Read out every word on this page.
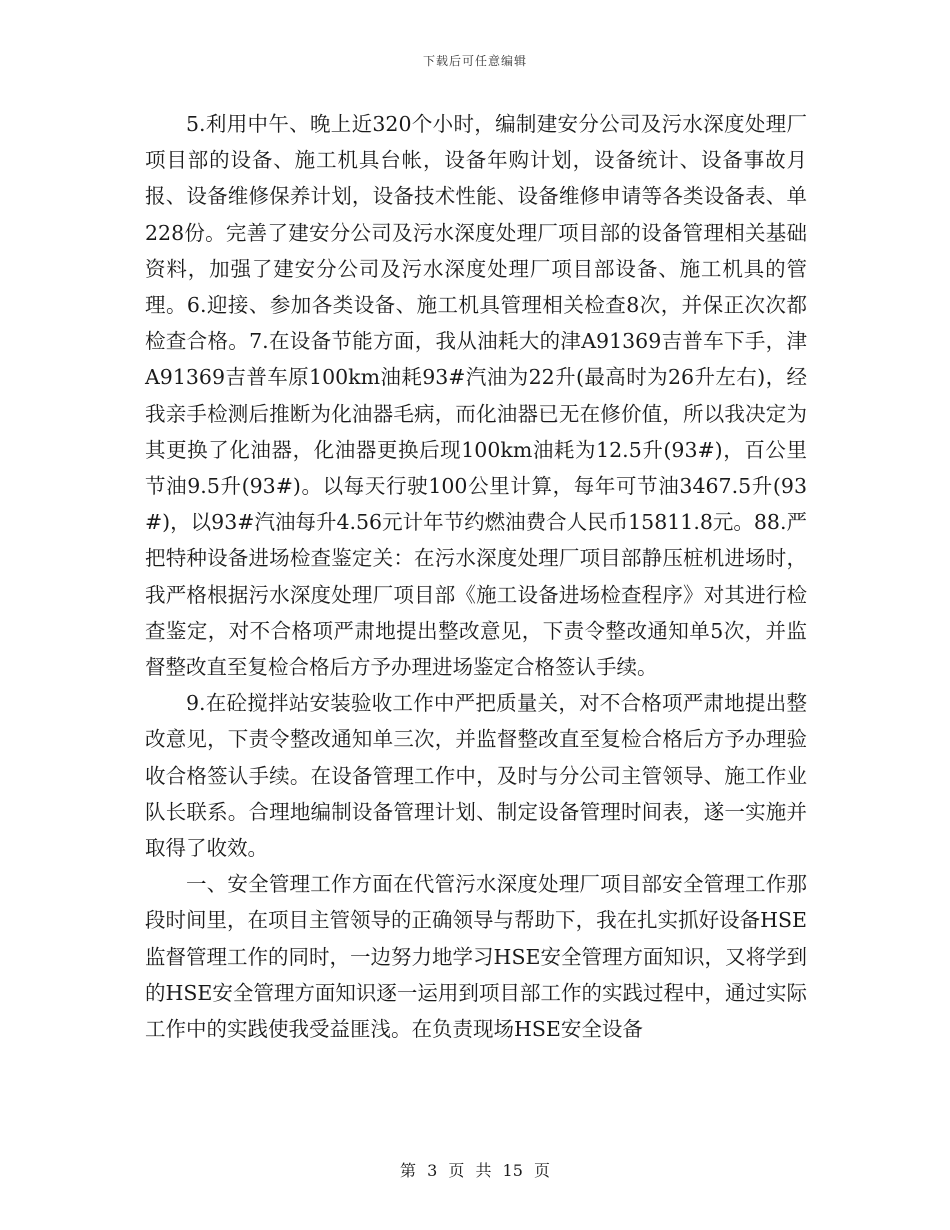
下载后可任意编辑

5.利用中午、晚上近320个小时，编制建安分公司及污水深度处理厂项目部的设备、施工机具台帐，设备年购计划，设备统计、设备事故月报、设备维修保养计划，设备技术性能、设备维修申请等各类设备表、单228份。完善了建安分公司及污水深度处理厂项目部的设备管理相关基础资料，加强了建安分公司及污水深度处理厂项目部设备、施工机具的管理。6.迎接、参加各类设备、施工机具管理相关检查8次，并保正次次都检查合格。7.在设备节能方面，我从油耗大的津A91369吉普车下手，津A91369吉普车原100km油耗93#汽油为22升(最高时为26升左右)，经我亲手检测后推断为化油器毛病，而化油器已无在修价值，所以我决定为其更换了化油器，化油器更换后现100km油耗为12.5升(93#)，百公里节油9.5升(93#)。以每天行驶100公里计算，每年可节油3467.5升(93#)，以93#汽油每升4.56元计年节约燃油费合人民币15811.8元。88.严把特种设备进场检查鉴定关：在污水深度处理厂项目部静压桩机进场时，我严格根据污水深度处理厂项目部《施工设备进场检查程序》对其进行检查鉴定，对不合格项严肃地提出整改意见，下责令整改通知单5次，并监督整改直至复检合格后方予办理进场鉴定合格签认手续。

9.在砼搅拌站安装验收工作中严把质量关，对不合格项严肃地提出整改意见，下责令整改通知单三次，并监督整改直至复检合格后方予办理验收合格签认手续。在设备管理工作中，及时与分公司主管领导、施工作业队长联系。合理地编制设备管理计划、制定设备管理时间表，遂一实施并取得了收效。

一、安全管理工作方面在代管污水深度处理厂项目部安全管理工作那段时间里，在项目主管领导的正确领导与帮助下，我在扎实抓好设备HSE监督管理工作的同时，一边努力地学习HSE安全管理方面知识，又将学到的HSE安全管理方面知识逐一运用到项目部工作的实践过程中，通过实际工作中的实践使我受益匪浅。在负责现场HSE安全设备

第 3 页 共 15 页
